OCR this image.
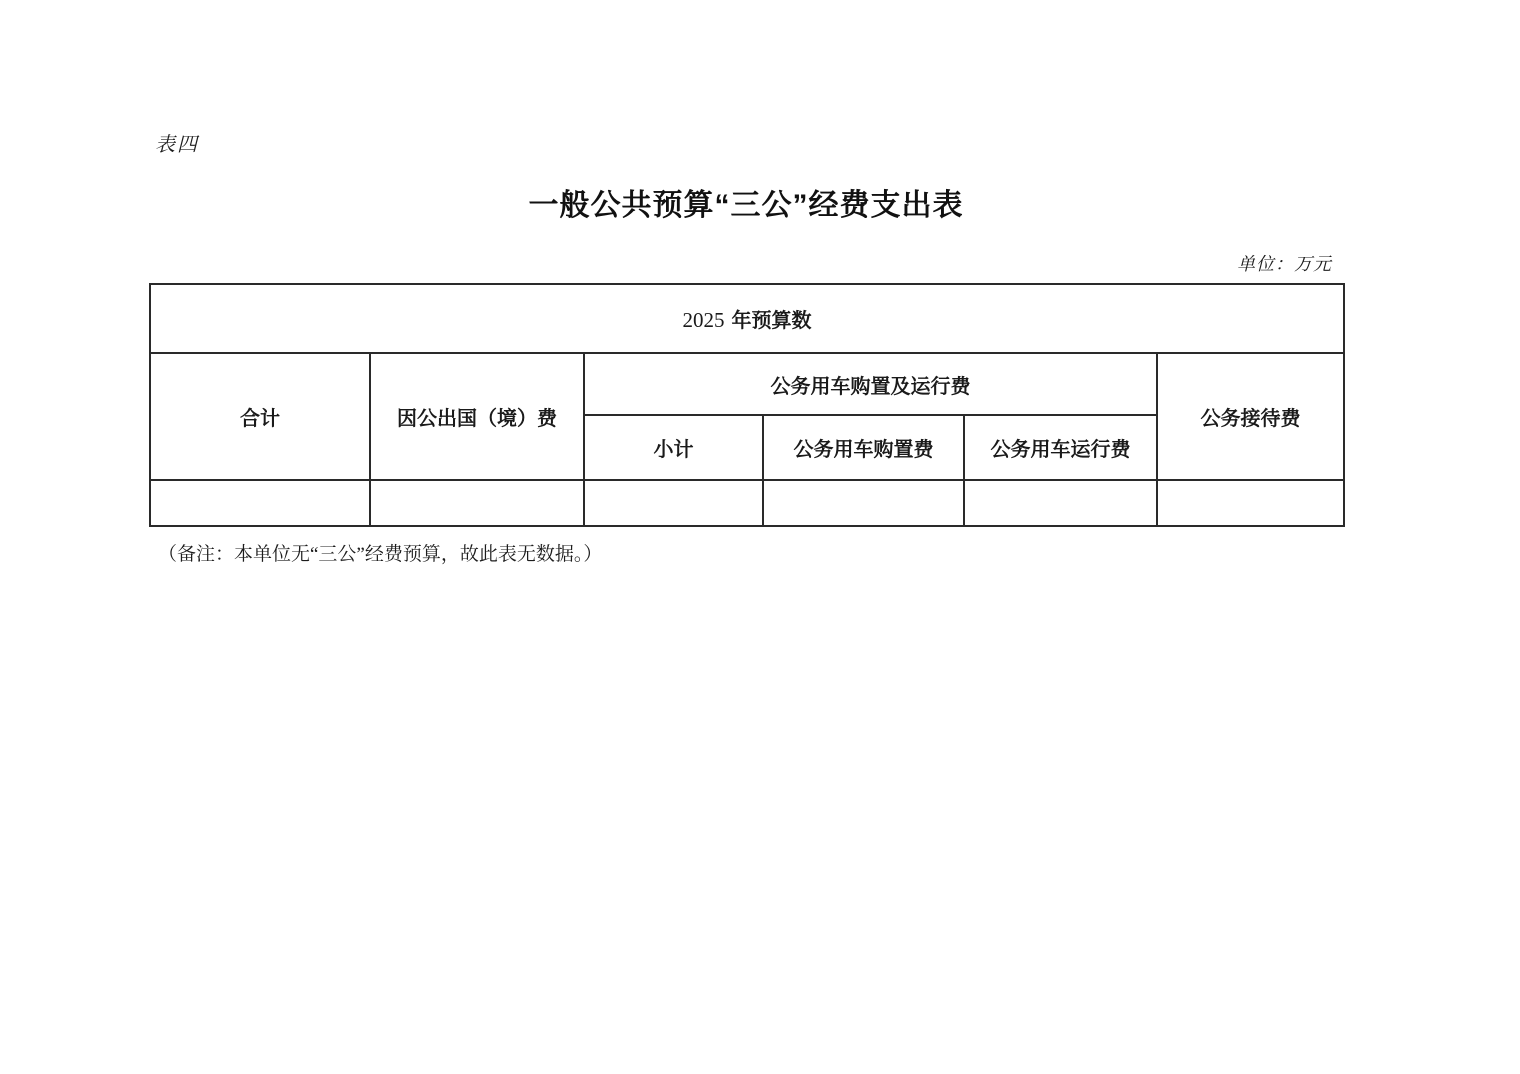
表四
一般公共预算“三公”经费支出表
单位：万元
2025 年预算数					
合计	因公出国（境）费	公务用车购置及运行费			公务接待费
		小计	公务用车购置费	公务用车运行费	

（备注：本单位无“三公”经费预算，故此表无数据。）
